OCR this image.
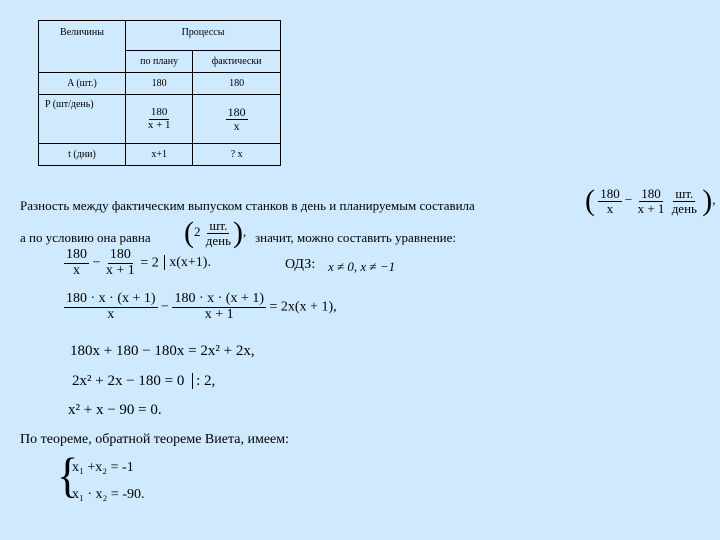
Величины	Процессы	
	по плану	фактически
A (шт.)	180	180
P (шт/день)	$\frac{180}{x + 1}$	$\frac{180}{x}$

t (дни)	x+1	? x
Разность между фактическим выпуском станков в день и планируемым составила	( $\frac{180}{x} - \frac{180}{x + 1}$
$\frac{шт.}{\text{день}}$ ),
а по условию она равна ($2 \frac{шт.}{\text{день}}$ ), значит, можно составить уравнение:
$\frac{180}{x} - \frac{180}{x + 1} = 2$ x(x+1).	ОДЗ: x ≠ 0, x ≠ −1
$\frac{180 \cdot x \cdot (x + 1)}{x} - \frac{180 \cdot x \cdot (x + 1)}{x + 1} = 2x(x + 1)$,
180x + 180 − 180x = 2x² + 2x,
2x² + 2x − 180 = 0 : 2,
x² + x − 90 = 0.
По теореме, обратной теореме Виета, имеем:
{
x₁ +x₂ = -1
x₁ · x₂ = -90.
